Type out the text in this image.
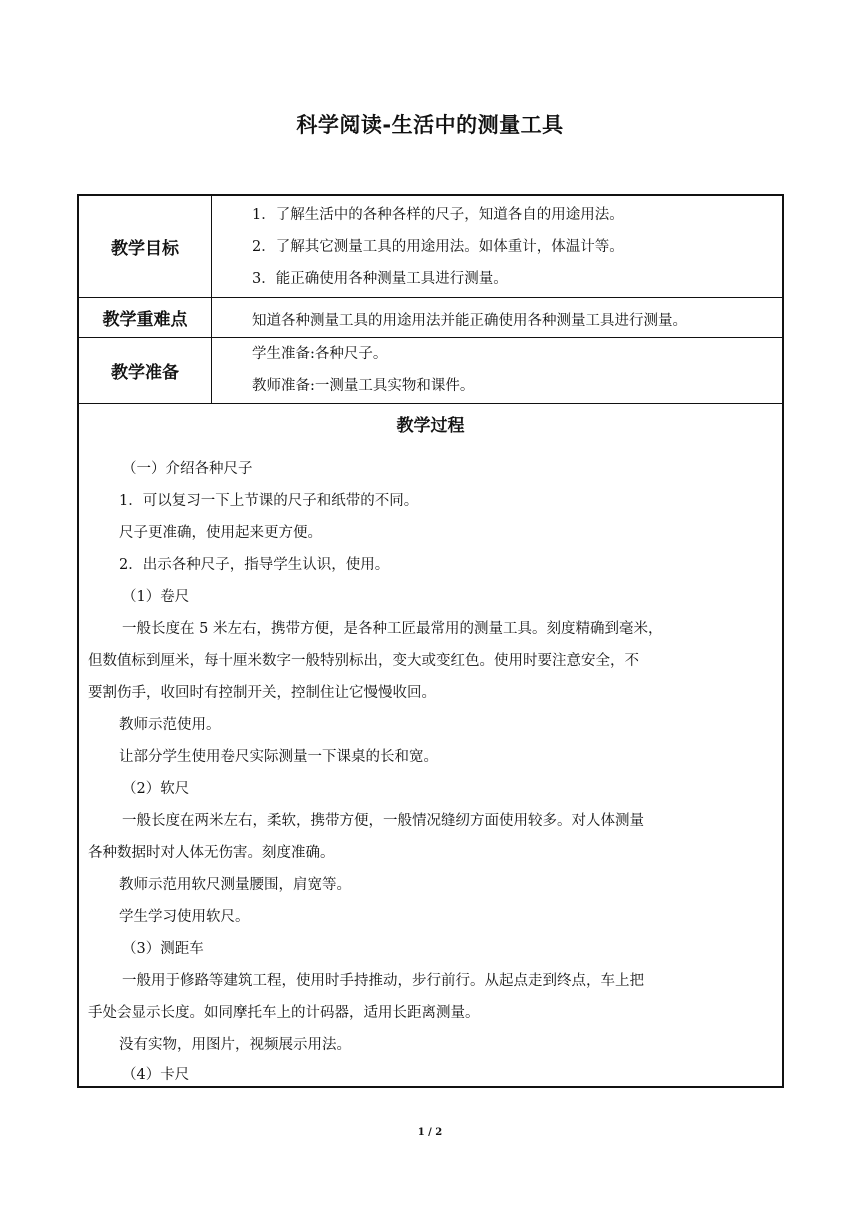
科学阅读-生活中的测量工具
教学目标
1．了解生活中的各种各样的尺子，知道各自的用途用法。
2．了解其它测量工具的用途用法。如体重计，体温计等。
3．能正确使用各种测量工具进行测量。
教学重难点	知道各种测量工具的用途用法并能正确使用各种测量工具进行测量。
教学准备
学生准备:各种尺子。
教师准备:一测量工具实物和课件。
教学过程
（一）介绍各种尺子
1．可以复习一下上节课的尺子和纸带的不同。
尺子更准确，使用起来更方便。
2．出示各种尺子，指导学生认识，使用。
（1）卷尺
一般长度在 5 米左右，携带方便，是各种工匠最常用的测量工具。刻度精确到毫米，
但数值标到厘米，每十厘米数字一般特别标出，变大或变红色。使用时要注意安全，不
要割伤手，收回时有控制开关，控制住让它慢慢收回。
教师示范使用。
让部分学生使用卷尺实际测量一下课桌的长和宽。
（2）软尺
一般长度在两米左右，柔软，携带方便，一般情况缝纫方面使用较多。对人体测量
各种数据时对人体无伤害。刻度准确。
教师示范用软尺测量腰围，肩宽等。
学生学习使用软尺。
（3）测距车
一般用于修路等建筑工程，使用时手持推动，步行前行。从起点走到终点，车上把
手处会显示长度。如同摩托车上的计码器，适用长距离测量。
没有实物，用图片，视频展示用法。
（4）卡尺
1 / 2
